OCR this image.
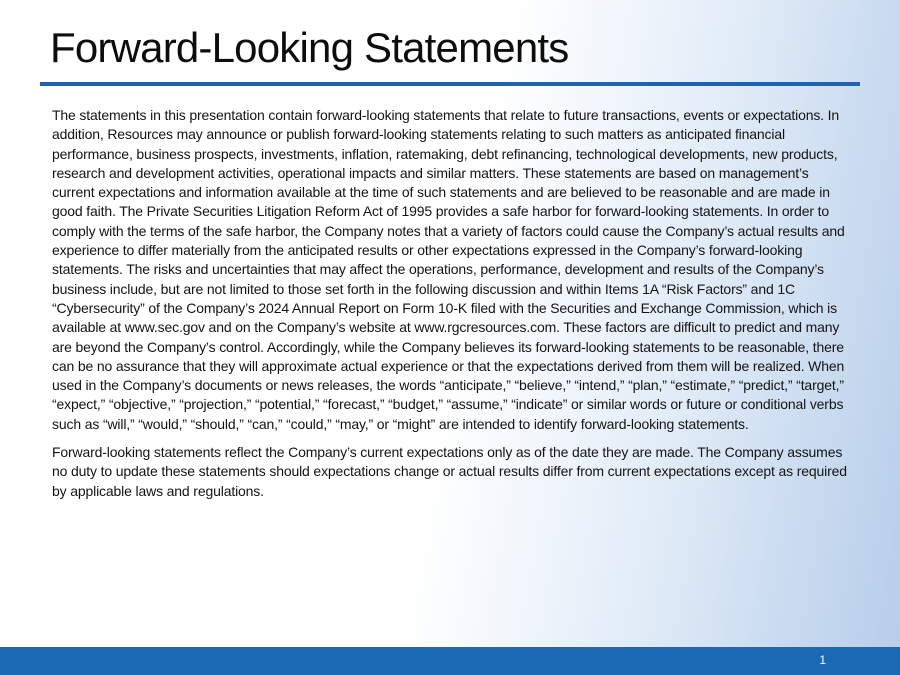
Forward-Looking Statements

The statements in this presentation contain forward-looking statements that relate to future transactions, events or expectations. In addition, Resources may announce or publish forward-looking statements relating to such matters as anticipated financial performance, business prospects, investments, inflation, ratemaking, debt refinancing, technological developments, new products, research and development activities, operational impacts and similar matters. These statements are based on management’s current expectations and information available at the time of such statements and are believed to be reasonable and are made in good faith. The Private Securities Litigation Reform Act of 1995 provides a safe harbor for forward-looking statements. In order to comply with the terms of the safe harbor, the Company notes that a variety of factors could cause the Company’s actual results and experience to differ materially from the anticipated results or other expectations expressed in the Company’s forward-looking statements. The risks and uncertainties that may affect the operations, performance, development and results of the Company’s business include, but are not limited to those set forth in the following discussion and within Items 1A “Risk Factors” and 1C “Cybersecurity” of the Company’s 2024 Annual Report on Form 10-K filed with the Securities and Exchange Commission, which is available at www.sec.gov and on the Company’s website at www.rgcresources.com. These factors are difficult to predict and many are beyond the Company’s control. Accordingly, while the Company believes its forward-looking statements to be reasonable, there can be no assurance that they will approximate actual experience or that the expectations derived from them will be realized. When used in the Company’s documents or news releases, the words “anticipate,” “believe,” “intend,” “plan,” “estimate,” “predict,” “target,” “expect,” “objective,” “projection,” “potential,” “forecast,” “budget,” “assume,” “indicate” or similar words or future or conditional verbs such as “will,” “would,” “should,” “can,” “could,” “may,” or “might” are intended to identify forward-looking statements.

Forward-looking statements reflect the Company’s current expectations only as of the date they are made. The Company assumes no duty to update these statements should expectations change or actual results differ from current expectations except as required by applicable laws and regulations.

1
